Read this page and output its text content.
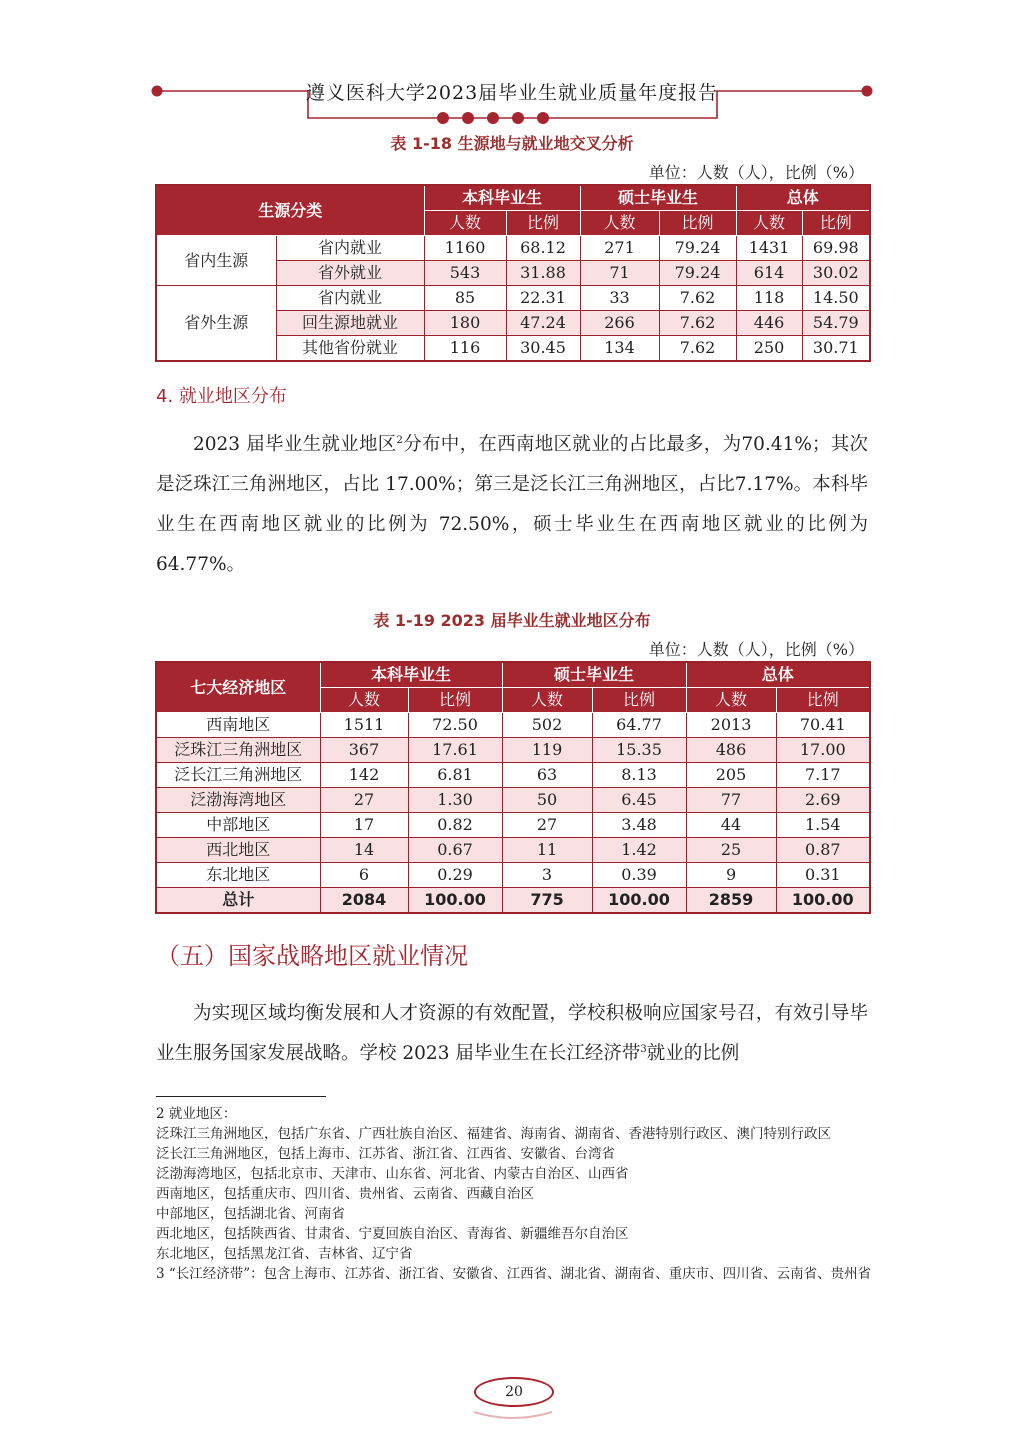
遵义医科大学2023届毕业生就业质量年度报告
表 1-18 生源地与就业地交叉分析
单位：人数（人），比例（%）
生源分类		本科毕业生		硕士毕业生		总体	
		人数	比例	人数	比例	人数	比例
省内生源	省内就业	1160	68.12	271	79.24	1431	69.98
	省外就业	543	31.88	71	79.24	614	30.02
省外生源	省内就业	85	22.31	33	7.62	118	14.50
	回生源地就业	180	47.24	266	7.62	446	54.79
	其他省份就业	116	30.45	134	7.62	250	30.71
4. 就业地区分布
2023 届毕业生就业地区$^2$分布中，在西南地区就业的占比最多，为70.41%；其次是泛珠江三角洲地区，占比 17.00%；第三是泛长江三角洲地区，占比7.17%。本科毕业生在西南地区就业的比例为 72.50%，硕士毕业生在西南地区就业的比例为 64.77%。
表 1-19 2023 届毕业生就业地区分布
单位：人数（人），比例（%）
七大经济地区	本科毕业生		硕士毕业生		总体	
	人数	比例	人数	比例	人数	比例
西南地区	1511	72.50	502	64.77	2013	70.41
泛珠江三角洲地区	367	17.61	119	15.35	486	17.00
泛长江三角洲地区	142	6.81	63	8.13	205	7.17
泛渤海湾地区	27	1.30	50	6.45	77	2.69
中部地区	17	0.82	27	3.48	44	1.54
西北地区	14	0.67	11	1.42	25	0.87
东北地区	6	0.29	3	0.39	9	0.31
总计	2084	100.00	775	100.00	2859	100.00
（五）国家战略地区就业情况
为实现区域均衡发展和人才资源的有效配置，学校积极响应国家号召，有效引导毕业生服务国家发展战略。学校 2023 届毕业生在长江经济带$^3$就业的比例
2 就业地区：
泛珠江三角洲地区，包括广东省、广西壮族自治区、福建省、海南省、湖南省、香港特别行政区、澳门特别行政区
泛长江三角洲地区，包括上海市、江苏省、浙江省、江西省、安徽省、台湾省
泛渤海湾地区，包括北京市、天津市、山东省、河北省、内蒙古自治区、山西省
西南地区，包括重庆市、四川省、贵州省、云南省、西藏自治区
中部地区，包括湖北省、河南省
西北地区，包括陕西省、甘肃省、宁夏回族自治区、青海省、新疆维吾尔自治区
东北地区，包括黑龙江省、吉林省、辽宁省
3 “长江经济带”：包含上海市、江苏省、浙江省、安徽省、江西省、湖北省、湖南省、重庆市、四川省、云南省、贵州省
20
